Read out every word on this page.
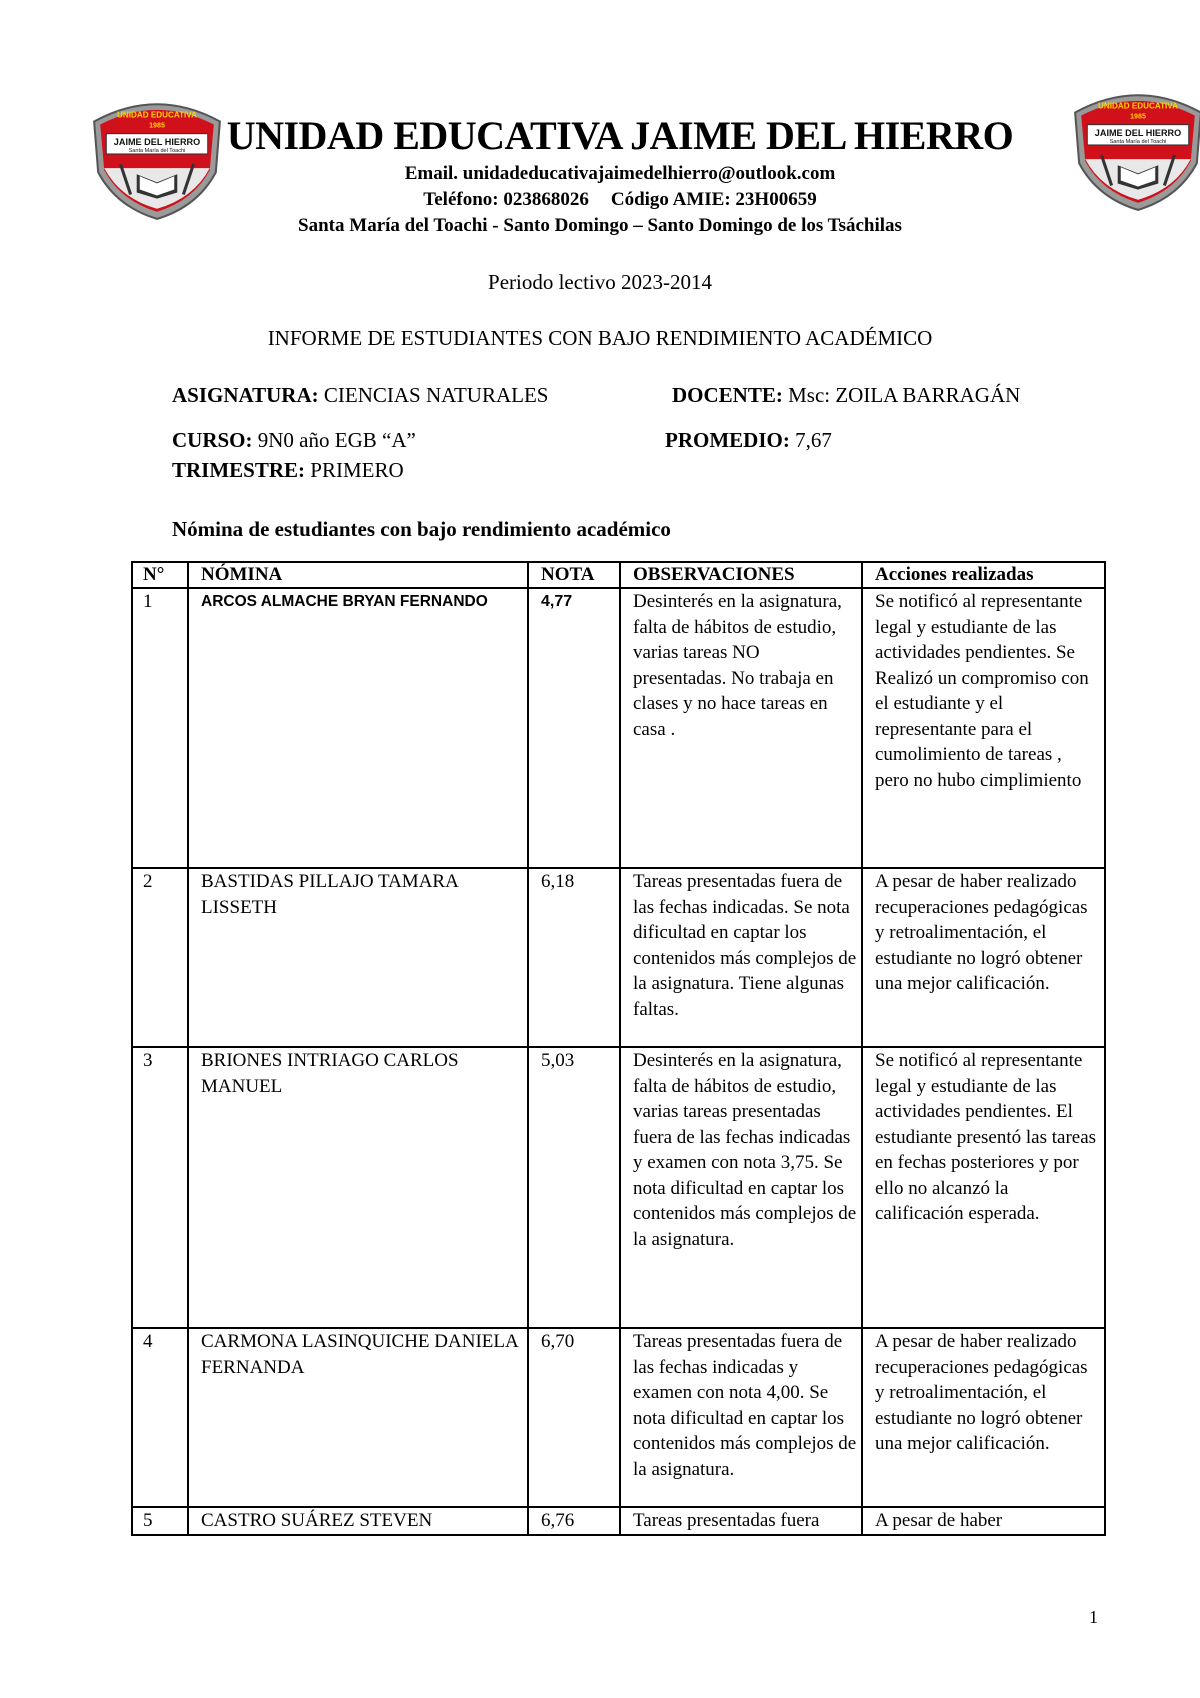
JAIME DEL HIERRO
Santa María del Toachi
UNIDAD EDUCATIVA
1985
JAIME DEL HIERRO
Santa María del Toachi
UNIDAD EDUCATIVA
1985
UNIDAD EDUCATIVA JAIME DEL HIERRO
Email. unidadeducativajaimedelhierro@outlook.com
Teléfono: 023868026 Código AMIE: 23H00659
Santa María del Toachi - Santo Domingo – Santo Domingo de los Tsáchilas
Periodo lectivo 2023-2014
INFORME DE ESTUDIANTES CON BAJO RENDIMIENTO ACADÉMICO
ASIGNATURA: CIENCIAS NATURALES	DOCENTE: Msc: ZOILA BARRAGÁN
CURSO: 9N0 año EGB “A”	PROMEDIO: 7,67
TRIMESTRE: PRIMERO
Nómina de estudiantes con bajo rendimiento académico
N°	NÓMINA	NOTA	OBSERVACIONES	Acciones realizadas
1	ARCOS ALMACHE BRYAN FERNANDO	4,77	Desinterés en la asignatura, falta de hábitos de estudio, varias tareas NO presentadas. No trabaja en clases y no hace tareas en casa .	Se notificó al representante legal y estudiante de las actividades pendientes. Se Realizó un compromiso con el estudiante y el representante para el cumolimiento de tareas , pero no hubo cimplimiento
2	BASTIDAS PILLAJO TAMARA LISSETH	6,18	Tareas presentadas fuera de las fechas indicadas. Se nota dificultad en captar los contenidos más complejos de la asignatura. Tiene algunas faltas.	A pesar de haber realizado recuperaciones pedagógicas y retroalimentación, el estudiante no logró obtener una mejor calificación.
3	BRIONES INTRIAGO CARLOS MANUEL	5,03	Desinterés en la asignatura, falta de hábitos de estudio, varias tareas presentadas fuera de las fechas indicadas y examen con nota 3,75. Se nota dificultad en captar los contenidos más complejos de la asignatura.	Se notificó al representante legal y estudiante de las actividades pendientes. El estudiante presentó las tareas en fechas posteriores y por ello no alcanzó la calificación esperada.
4	CARMONA LASINQUICHE DANIELA FERNANDA	6,70	Tareas presentadas fuera de las fechas indicadas y examen con nota 4,00. Se nota dificultad en captar los contenidos más complejos de la asignatura.	A pesar de haber realizado recuperaciones pedagógicas y retroalimentación, el estudiante no logró obtener una mejor calificación.
5	CASTRO SUÁREZ STEVEN	6,76	Tareas presentadas fuera	A pesar de haber
1
